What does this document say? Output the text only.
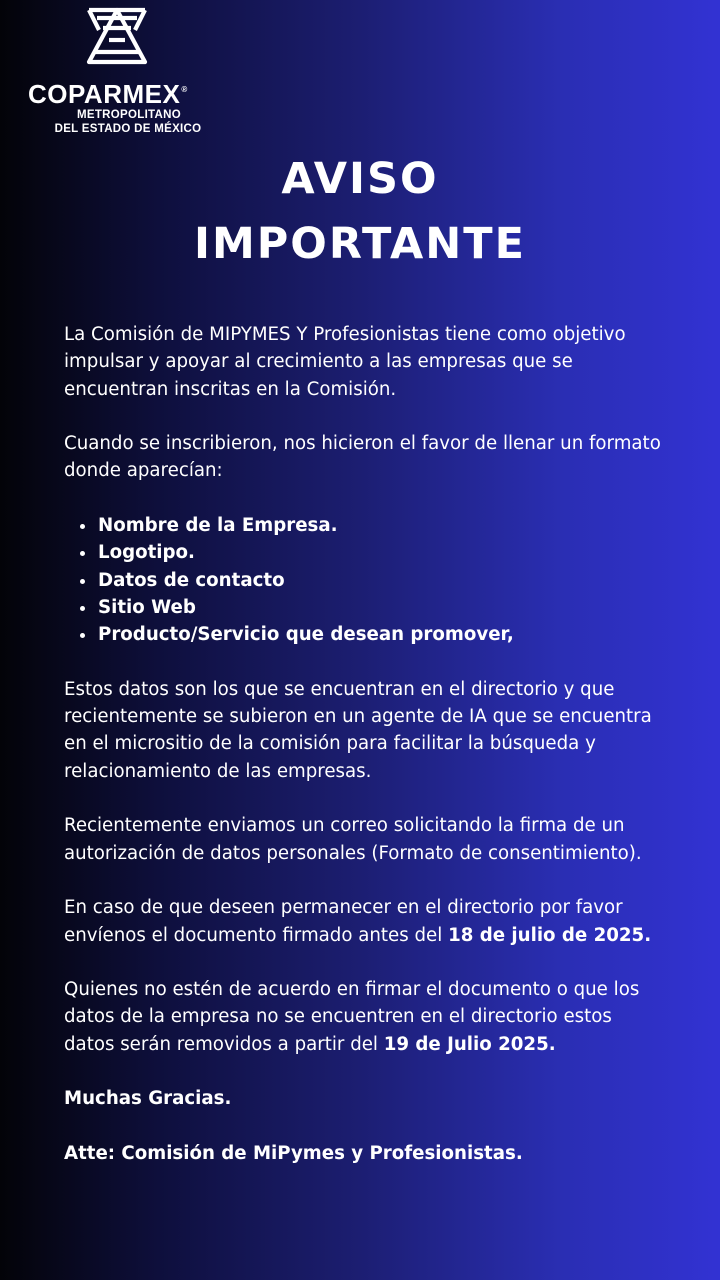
COPARMEX®
METROPOLITANO
DEL ESTADO DE MÉXICO
AVISO
IMPORTANTE

La Comisión de MIPYMES Y Profesionistas tiene como objetivo impulsar y apoyar al crecimiento a las empresas que se encuentran inscritas en la Comisión.

Cuando se inscribieron, nos hicieron el favor de llenar un formato donde aparecían:

• Nombre de la Empresa.
• Logotipo.
• Datos de contacto
• Sitio Web
• Producto/Servicio que desean promover,

Estos datos son los que se encuentran en el directorio y que recientemente se subieron en un agente de IA que se encuentra en el micrositio de la comisión para facilitar la búsqueda y relacionamiento de las empresas.

Recientemente enviamos un correo solicitando la firma de un autorización de datos personales (Formato de consentimiento).

En caso de que deseen permanecer en el directorio por favor envíenos el documento firmado antes del 18 de julio de 2025.

Quienes no estén de acuerdo en firmar el documento o que los datos de la empresa no se encuentren en el directorio estos datos serán removidos a partir del 19 de Julio 2025.

Muchas Gracias.

Atte: Comisión de MiPymes y Profesionistas.
